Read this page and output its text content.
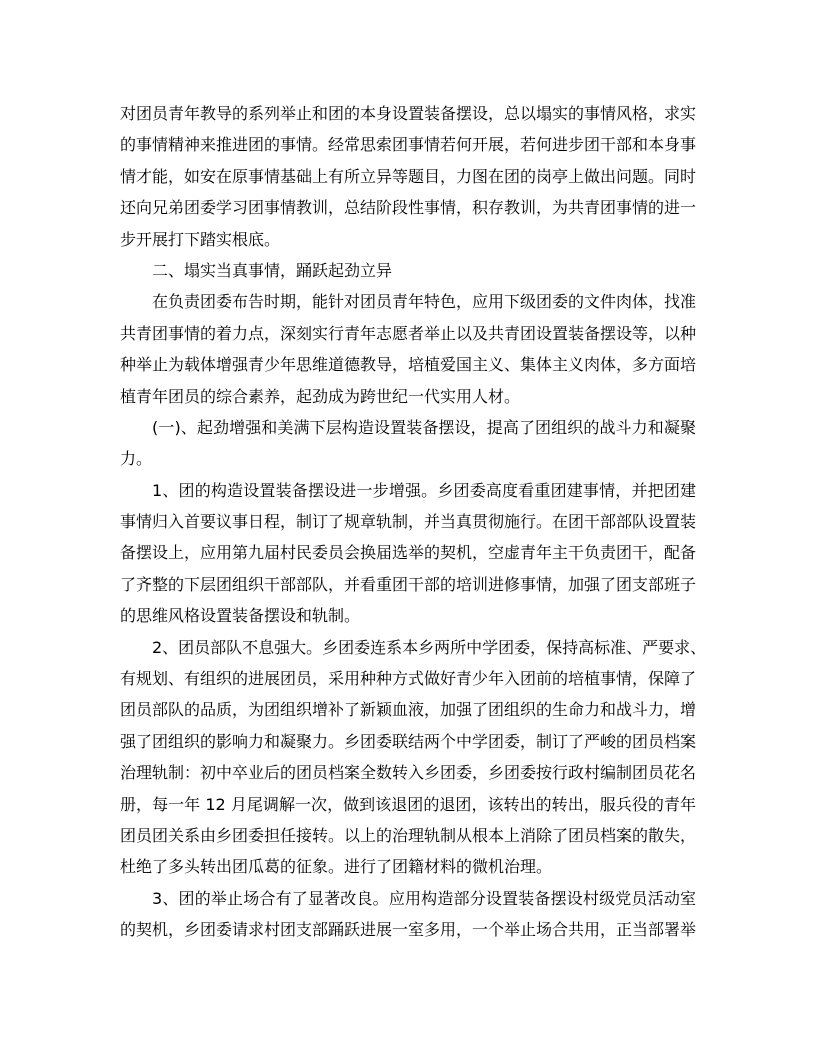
对团员青年教导的系列举止和团的本身设置装备摆设，总以塌实的事情风格，求实
的事情精神来推进团的事情。经常思索团事情若何开展，若何进步团干部和本身事
情才能，如安在原事情基础上有所立异等题目，力图在团的岗亭上做出问题。同时
还向兄弟团委学习团事情教训，总结阶段性事情，积存教训，为共青团事情的进一
步开展打下踏实根底。
二、塌实当真事情，踊跃起劲立异
在负责团委布告时期，能针对团员青年特色，应用下级团委的文件肉体，找准
共青团事情的着力点，深刻实行青年志愿者举止以及共青团设置装备摆设等，以种
种举止为载体增强青少年思维道德教导，培植爱国主义、集体主义肉体，多方面培
植青年团员的综合素养，起劲成为跨世纪一代实用人材。
(一)、起劲增强和美满下层构造设置装备摆设，提高了团组织的战斗力和凝聚
力。
1、团的构造设置装备摆设进一步增强。乡团委高度看重团建事情，并把团建
事情归入首要议事日程，制订了规章轨制，并当真贯彻施行。在团干部部队设置装
备摆设上，应用第九届村民委员会换届选举的契机，空虚青年主干负责团干，配备
了齐整的下层团组织干部部队，并看重团干部的培训进修事情，加强了团支部班子
的思维风格设置装备摆设和轨制。
2、团员部队不息强大。乡团委连系本乡两所中学团委，保持高标准、严要求、
有规划、有组织的进展团员，采用种种方式做好青少年入团前的培植事情，保障了
团员部队的品质，为团组织增补了新颖血液，加强了团组织的生命力和战斗力，增
强了团组织的影响力和凝聚力。乡团委联结两个中学团委，制订了严峻的团员档案
治理轨制：初中卒业后的团员档案全数转入乡团委，乡团委按行政村编制团员花名
册，每一年 12 月尾调解一次，做到该退团的退团，该转出的转出，服兵役的青年
团员团关系由乡团委担任接转。以上的治理轨制从根本上消除了团员档案的散失，
杜绝了多头转出团瓜葛的征象。进行了团籍材料的微机治理。
3、团的举止场合有了显著改良。应用构造部分设置装备摆设村级党员活动室
的契机，乡团委请求村团支部踊跃进展一室多用，一个举止场合共用，正当部署举
